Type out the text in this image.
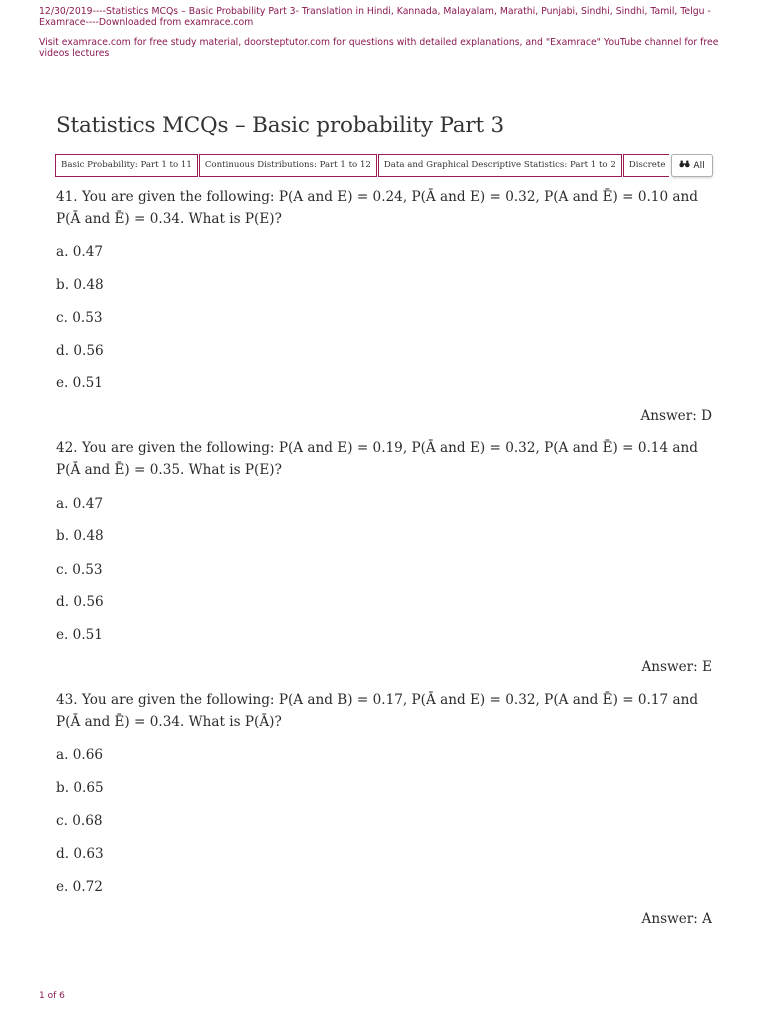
12/30/2019----Statistics MCQs – Basic Probability Part 3- Translation in Hindi, Kannada, Malayalam, Marathi, Punjabi, Sindhi, Sindhi, Tamil, Telgu - Examrace----Downloaded from examrace.com
Visit examrace.com for free study material, doorsteptutor.com for questions with detailed explanations, and "Examrace" YouTube channel for free videos lectures
Statistics MCQs – Basic probability Part 3
Basic Probability: Part 1 to 11 Continuous Distributions: Part 1 to 12 Data and Graphical Descriptive Statistics: Part 1 to 2 Discrete	All

41. You are given the following: P(A and E) = 0.24, P(Ā and E) = 0.32, P(A and Ē) = 0.10 and P(Ā and Ē) = 0.34. What is P(E)?

a. 0.47

b. 0.48

c. 0.53

d. 0.56

e. 0.51

Answer: D

42. You are given the following: P(A and E) = 0.19, P(Ā and E) = 0.32, P(A and Ē) = 0.14 and P(Ā and Ē) = 0.35. What is P(E)?

a. 0.47

b. 0.48

c. 0.53

d. 0.56

e. 0.51

Answer: E

43. You are given the following: P(A and B) = 0.17, P(Ā and E) = 0.32, P(A and Ē) = 0.17 and P(Ā and Ē) = 0.34. What is P(Ā)?

a. 0.66

b. 0.65

c. 0.68

d. 0.63

e. 0.72

Answer: A

1 of 6
